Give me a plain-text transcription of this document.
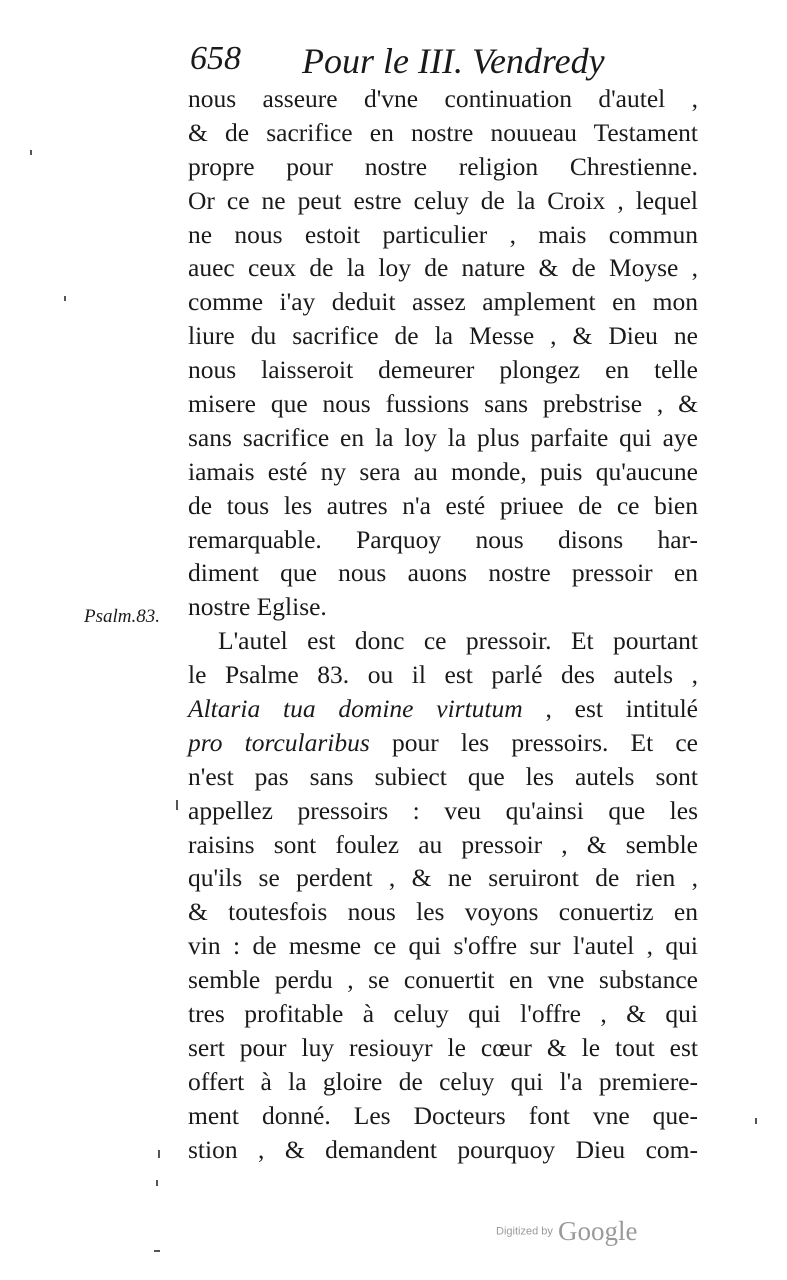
658 Pour le III. Vendredy
Psalm.83.
nous asseure d'vne continuation d'autel ,
& de sacrifice en nostre nouueau Testament
propre pour nostre religion Chrestienne.
Or ce ne peut estre celuy de la Croix , lequel
ne nous estoit particulier , mais commun
auec ceux de la loy de nature & de Moyse ,
comme i'ay deduit assez amplement en mon
liure du sacrifice de la Messe , & Dieu ne
nous laisseroit demeurer plongez en telle
misere que nous fussions sans prebstrise , &
sans sacrifice en la loy la plus parfaite qui aye
iamais esté ny sera au monde, puis qu'aucune
de tous les autres n'a esté priuee de ce bien
remarquable. Parquoy nous disons har-
diment que nous auons nostre pressoir en
nostre Eglise.
L'autel est donc ce pressoir. Et pourtant
le Psalme 83. ou il est parlé des autels ,
Altaria tua domine virtutum , est intitulé
pro torcularibus pour les pressoirs. Et ce
n'est pas sans subiect que les autels sont
appellez pressoirs : veu qu'ainsi que les
raisins sont foulez au pressoir , & semble
qu'ils se perdent , & ne seruiront de rien ,
& toutesfois nous les voyons conuertiz en
vin : de mesme ce qui s'offre sur l'autel , qui
semble perdu , se conuertit en vne substance
tres profitable à celuy qui l'offre , & qui
sert pour luy resiouyr le cœur & le tout est
offert à la gloire de celuy qui l'a premiere-
ment donné. Les Docteurs font vne que-
stion , & demandent pourquoy Dieu com-
Digitized by Google
